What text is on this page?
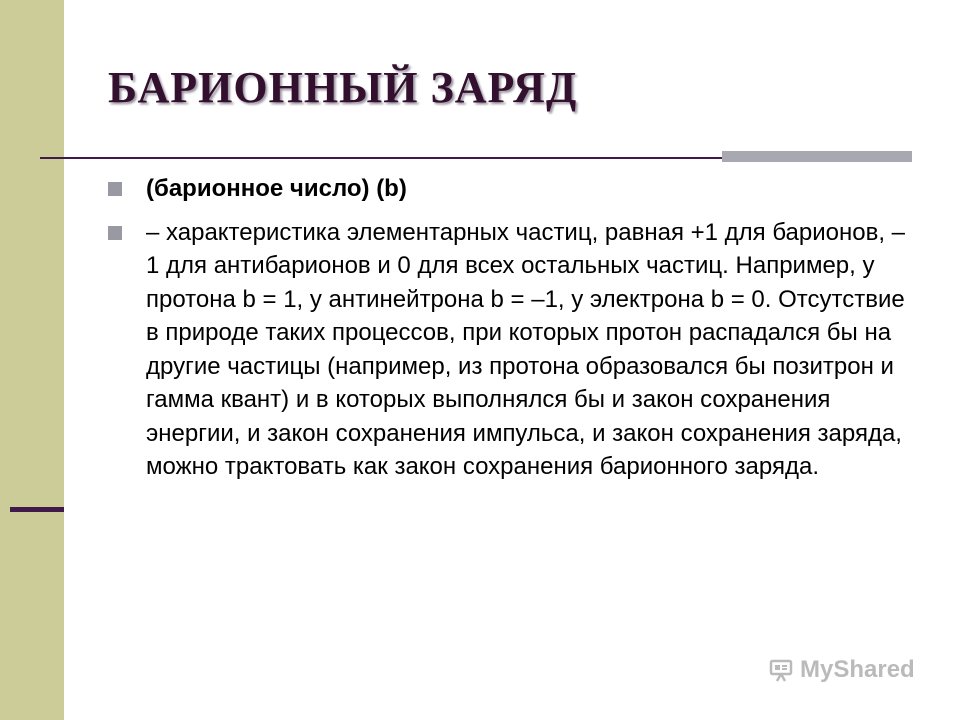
БАРИОННЫЙ ЗАРЯД
(барионное число) (b)
– характеристика элементарных частиц, равная +1 для барионов, –1 для антибарионов и 0 для всех остальных частиц. Например, у протона b = 1, у антинейтрона b = –1, у электрона b = 0. Отсутствие в природе таких процессов, при которых протон распадался бы на другие частицы (например, из протона образовался бы позитрон и гамма квант) и в которых выполнялся бы и закон сохранения энергии, и закон сохранения импульса, и закон сохранения заряда, можно трактовать как закон сохранения барионного заряда.
MyShared
